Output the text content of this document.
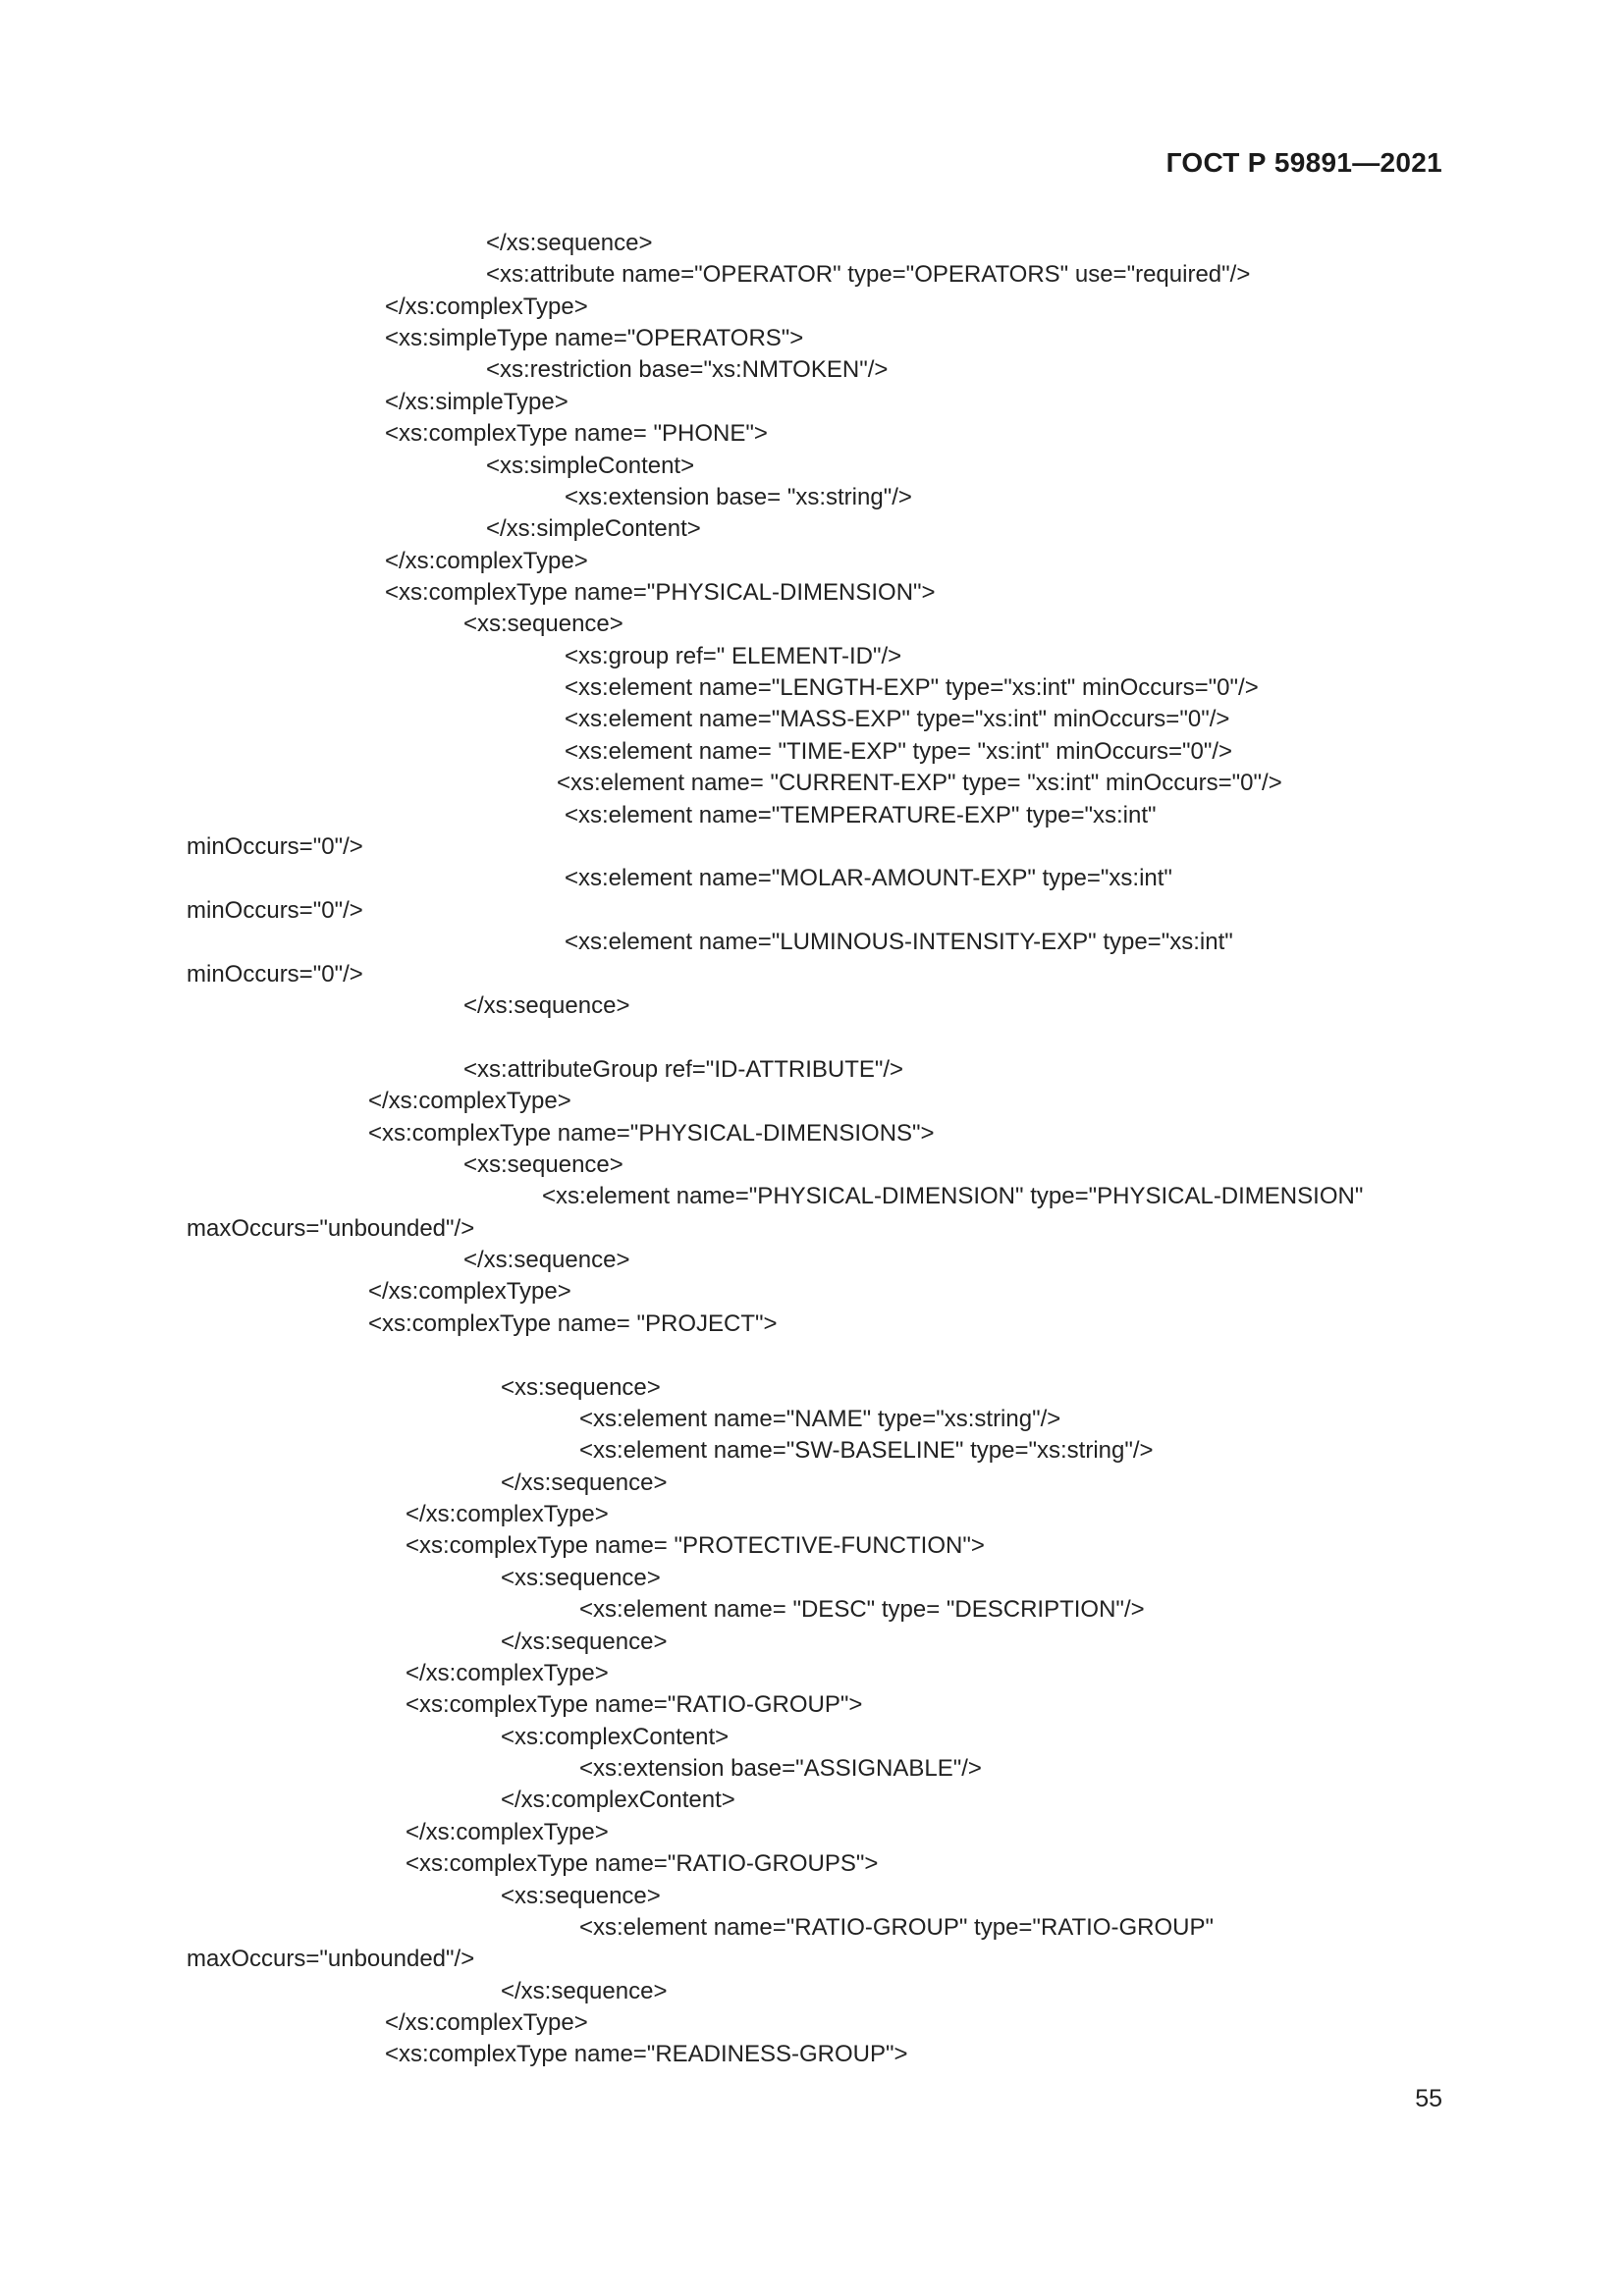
ГОСТ Р 59891—2021
</xs:sequence>
<xs:attribute name="OPERATOR" type="OPERATORS" use="required"/>
</xs:complexType>
<xs:simpleType name="OPERATORS">
<xs:restriction base="xs:NMTOKEN"/>
</xs:simpleType>
<xs:complexType name= "PHONE">
<xs:simpleContent>
<xs:extension base= "xs:string"/>
</xs:simpleContent>
</xs:complexType>
<xs:complexType name="PHYSICAL-DIMENSION">
<xs:sequence>
<xs:group ref=" ELEMENT-ID"/>
<xs:element name="LENGTH-EXP" type="xs:int" minOccurs="0"/>
<xs:element name="MASS-EXP" type="xs:int" minOccurs="0"/>
<xs:element name= "TIME-EXP" type= "xs:int" minOccurs="0"/>
<xs:element name= "CURRENT-EXP" type= "xs:int" minOccurs="0"/>
<xs:element name="TEMPERATURE-EXP" type="xs:int"
minOccurs="0"/>
<xs:element name="MOLAR-AMOUNT-EXP" type="xs:int"
minOccurs="0"/>
<xs:element name="LUMINOUS-INTENSITY-EXP" type="xs:int"
minOccurs="0"/>
</xs:sequence>
<xs:attributeGroup ref="ID-ATTRIBUTE"/>
</xs:complexType>
<xs:complexType name="PHYSICAL-DIMENSIONS">
<xs:sequence>
<xs:element name="PHYSICAL-DIMENSION" type="PHYSICAL-DIMENSION"
maxOccurs="unbounded"/>
</xs:sequence>
</xs:complexType>
<xs:complexType name= "PROJECT">
<xs:sequence>
<xs:element name="NAME" type="xs:string"/>
<xs:element name="SW-BASELINE" type="xs:string"/>
</xs:sequence>
</xs:complexType>
<xs:complexType name= "PROTECTIVE-FUNCTION">
<xs:sequence>
<xs:element name= "DESC" type= "DESCRIPTION"/>
</xs:sequence>
</xs:complexType>
<xs:complexType name="RATIO-GROUP">
<xs:complexContent>
<xs:extension base="ASSIGNABLE"/>
</xs:complexContent>
</xs:complexType>
<xs:complexType name="RATIO-GROUPS">
<xs:sequence>
<xs:element name="RATIO-GROUP" type="RATIO-GROUP"
maxOccurs="unbounded"/>
</xs:sequence>
</xs:complexType>
<xs:complexType name="READINESS-GROUP">
55
